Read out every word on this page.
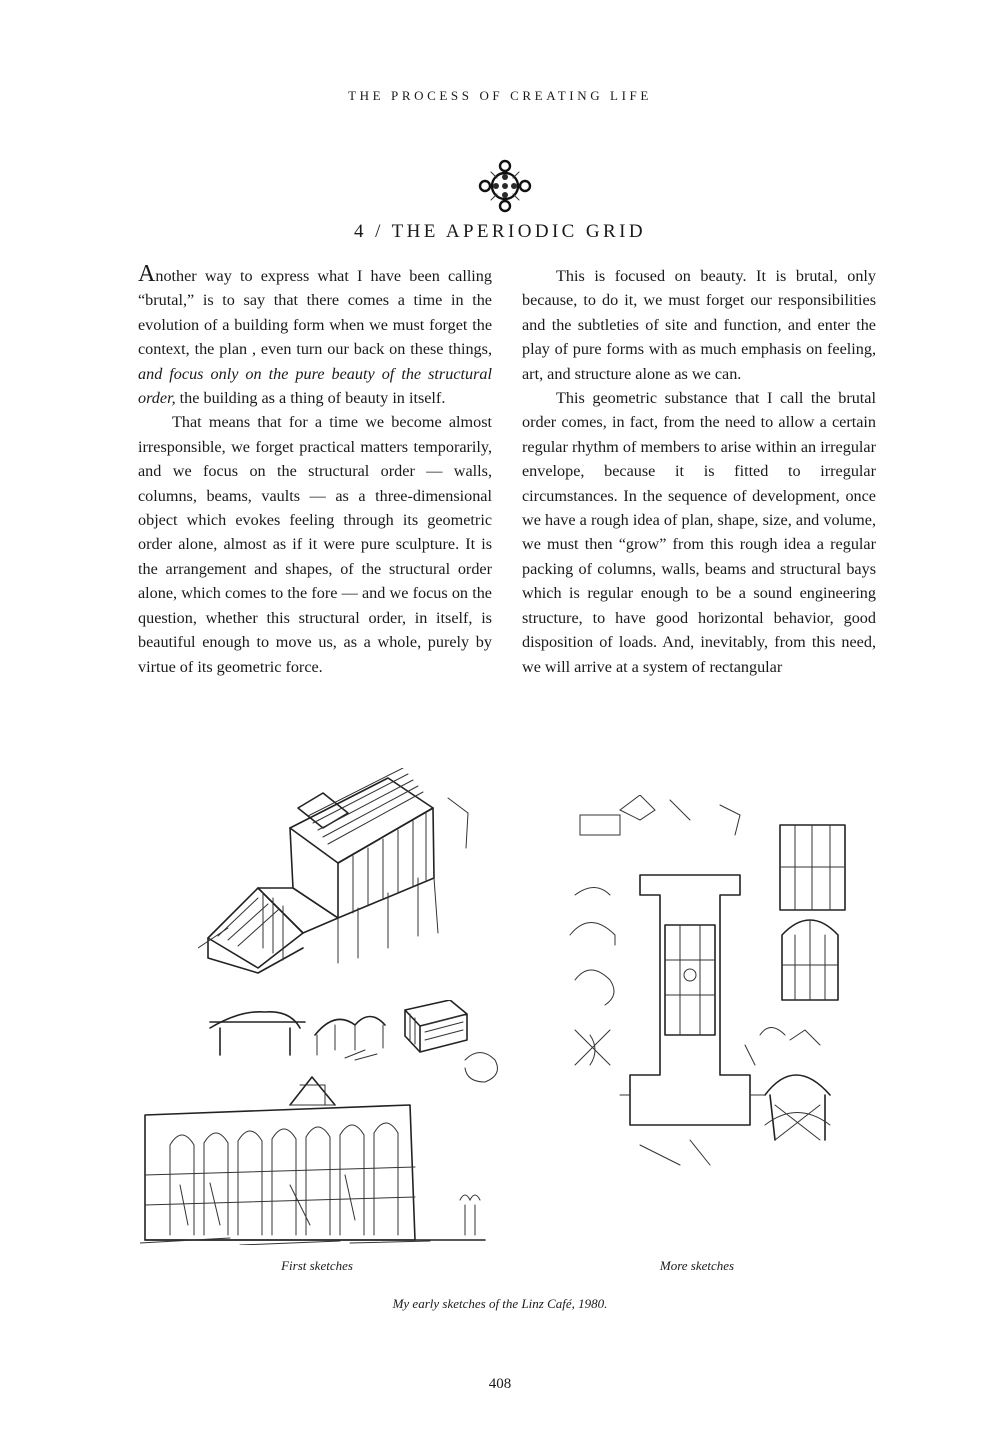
THE PROCESS OF CREATING LIFE
4 / THE APERIODIC GRID

Another way to express what I have been calling “brutal,” is to say that there comes a time in the evolution of a building form when we must forget the context, the plan , even turn our back on these things, and focus only on the pure beauty of the structural order, the building as a thing of beauty in itself.

That means that for a time we become almost irresponsible, we forget practical matters temporarily, and we focus on the structural order — walls, columns, beams, vaults — as a three-dimensional object which evokes feeling through its geometric order alone, almost as if it were pure sculpture. It is the arrangement and shapes, of the structural order alone, which comes to the fore — and we focus on the question, whether this structural order, in itself, is beautiful enough to move us, as a whole, purely by virtue of its geometric force.

This is focused on beauty. It is brutal, only because, to do it, we must forget our responsibilities and the subtleties of site and function, and enter the play of pure forms with as much emphasis on feeling, art, and structure alone as we can.

This geometric substance that I call the brutal order comes, in fact, from the need to allow a certain regular rhythm of members to arise within an irregular envelope, because it is fitted to irregular circumstances. In the sequence of development, once we have a rough idea of plan, shape, size, and volume, we must then “grow” from this rough idea a regular packing of columns, walls, beams and structural bays which is regular enough to be a sound engineering structure, to have good horizontal behavior, good disposition of loads. And, inevitably, from this need, we will arrive at a system of rectangular

First sketches	More sketches
My early sketches of the Linz Café, 1980.
408
